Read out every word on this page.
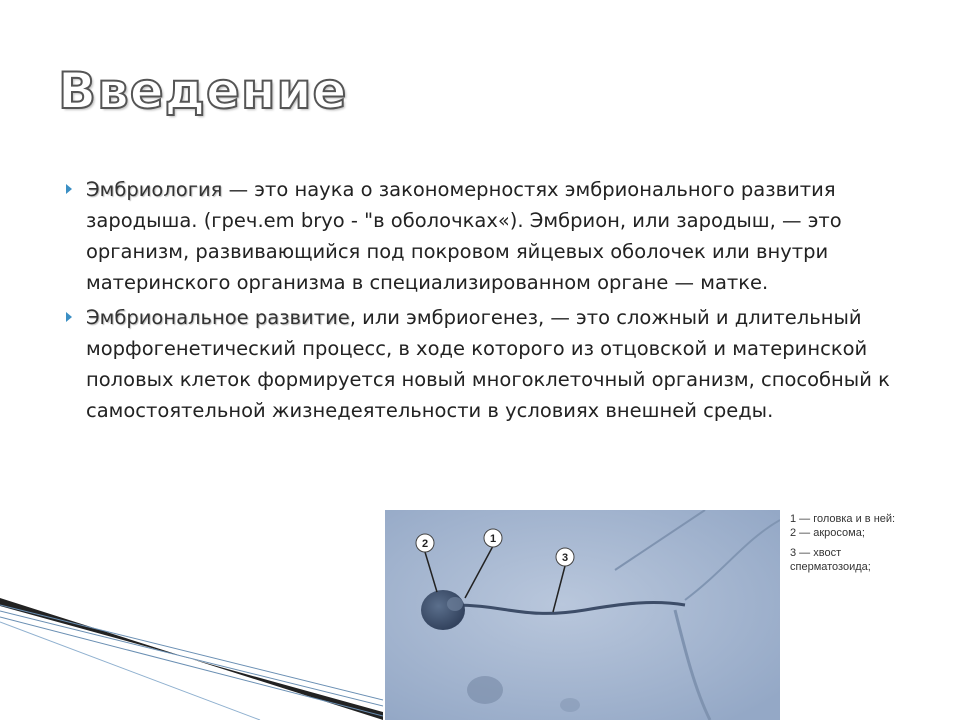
Введение
Эмбриология — это наука о закономерностях эмбрионального развития зародыша. (греч.em bryo - "в оболочках«). Эмбрион, или зародыш, — это организм, развивающийся под покровом яйцевых оболочек или внутри материнского организма в специализированном органе — матке.
Эмбриональное развитие, или эмбриогенез, — это сложный и длительный морфогенетический процесс, в ходе которого из отцовской и материнской половых клеток формируется новый многоклеточный организм, способный к самостоятельной жизнедеятельности в условиях внешней среды.
2	1
3
1 — головка и в ней:
2 — акросома;
3 — хвост
сперматозоида;
